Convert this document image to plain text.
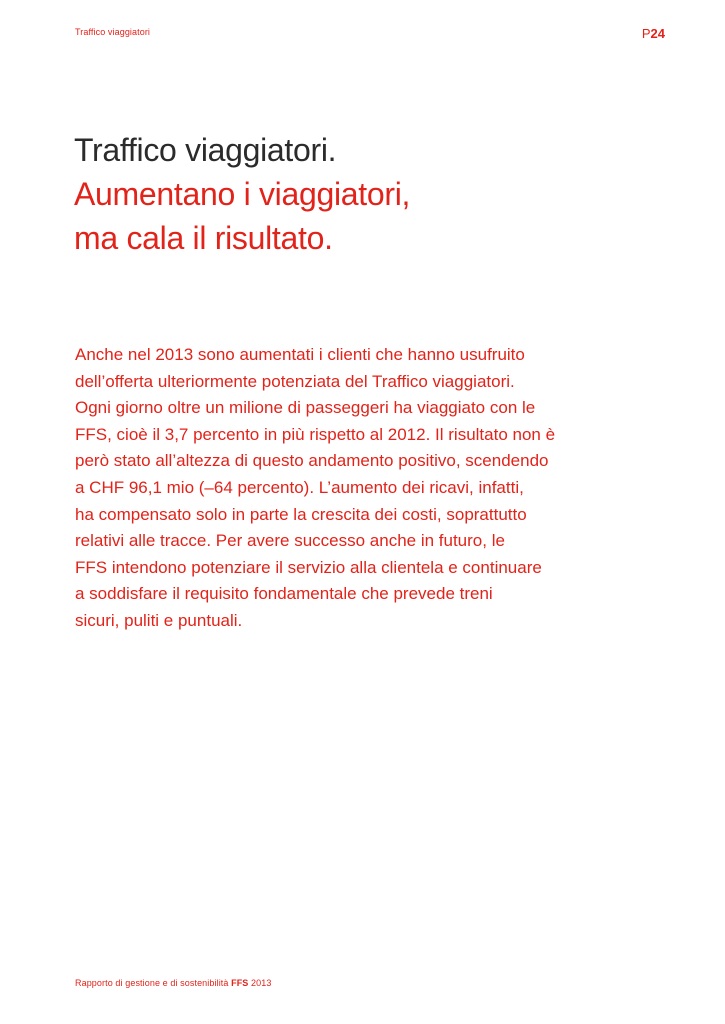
Traffico viaggiatori	P24
Traffico viaggiatori.
Aumentano i viaggiatori,
ma cala il risultato.
Anche nel 2013 sono aumentati i clienti che hanno usufruito
dell’offerta ulteriormente potenziata del Traffico viaggiatori.
Ogni giorno oltre un milione di passeggeri ha viaggiato con le
FFS, cioè il 3,7 percento in più rispetto al 2012. Il risultato non è
però stato all’altezza di questo andamento positivo, scendendo
a CHF 96,1 mio (–64 percento). L’aumento dei ricavi, infatti,
ha compensato solo in parte la crescita dei costi, soprattutto
relativi alle tracce. Per avere successo anche in futuro, le
FFS intendono potenziare il servizio alla clientela e continuare
a soddisfare il requisito fondamentale che prevede treni
sicuri, puliti e puntuali.
Rapporto di gestione e di sostenibilità FFS 2013
